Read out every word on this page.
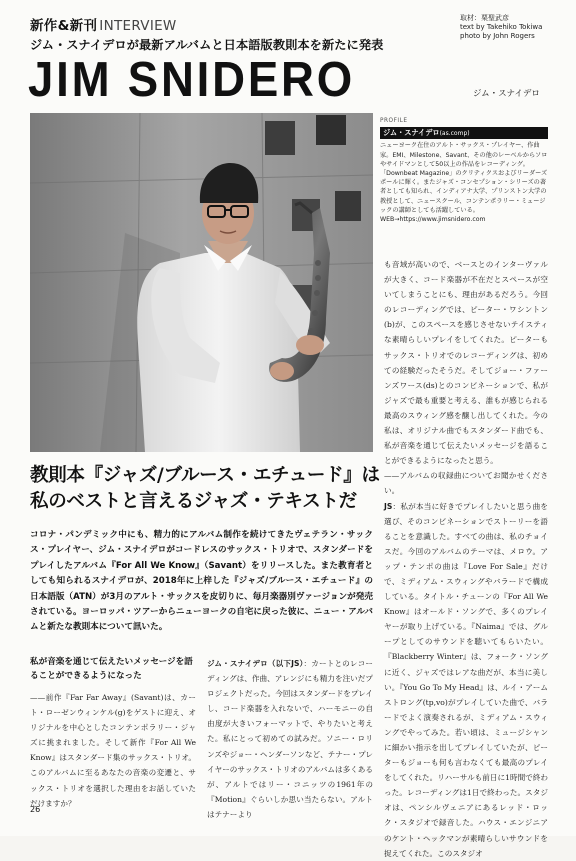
新作&新刊 INTERVIEW	取材：栗聖武彦
text by Takehiko Tokiwa
photo by John Rogers
ジム・スナイデロが最新アルバムと日本語版教則本を新たに発表
JIM SNIDERO	ジム・スナイデロ
PROFILE
ジム・スナイデロ(as.comp)
ニューヨーク在住のアルト・サックス・プレイヤー、作曲家。EMI、Milestone、Savant、その他のレーベルからソロやサイドマンとして50以上の作品をレコーディング。「Downbeat Magazine」のクリティクスおよびリーダーズポールに輝く。またジャズ・コンセプション・シリーズの著者としても知られ、インディアナ大学、プリンストン大学の教授として、ニュースクール、コンテンポラリー・ミュージックの講師としても活躍している。
WEB→https://www.jimsnidero.com
教則本『ジャズ/ブルース・エチュード』は
私のベストと言えるジャズ・テキストだ
コロナ・パンデミック中にも、精力的にアルバム制作を続けてきたヴェテラン・サックス・プレイヤー、ジム・スナイデロがコードレスのサックス・トリオで、スタンダードをプレイしたアルバム『For All We Know』（Savant）をリリースした。また教育者としても知られるスナイデロが、2018年に上梓した『ジャズ/ブルース・エチュード』の日本語版（ATN）が3月のアルト・サックスを皮切りに、毎月楽器別ヴァージョンが発売されている。ヨーロッパ・ツアーからニューヨークの自宅に戻った彼に、ニュー・アルバムと新たな教則本について訊いた。
私が音楽を通じて伝えたいメッセージを語ることができるようになった

——前作『Far Far Away』(Savant)は、カート・ローゼンウィンケル(g)をゲストに迎え、オリジナルを中心としたコンテンポラリー・ジャズに挑まれました。そして新作『For All We Know』はスタンダード集のサックス・トリオ。このアルバムに至るあなたの音楽の変遷と、サックス・トリオを選択した理由をお話していただけますか？

ジム・スナイデロ（以下JS）：カートとのレコーディングは、作曲、アレンジにも精力を注いだプロジェクトだった。今回はスタンダードをプレイし、コード楽器を入れないで、ハーモニーの自由度が大きいフォーマットで、やりたいと考えた。私にとって初めての試みだ。ソニー・ロリンズやジョー・ヘンダーソンなど、テナー・プレイヤーのサックス・トリオのアルバムは多くあるが、アルトではリー・コニッツの1961年の『Motion』ぐらいしか思い当たらない。アルトはテナーより

も音域が高いので、ベースとのインターヴァルが大きく、コード楽器が不在だとスペースが空いてしまうことにも、理由があるだろう。今回のレコーディングでは、ピーター・ワシントン(b)が、このスペースを感じさせないテイスティな素晴らしいプレイをしてくれた。ピーターもサックス・トリオでのレコーディングは、初めての経験だったそうだ。そしてジョー・ファーンズワース(ds)とのコンビネーションで、私がジャズで最も重要と考える、誰もが感じられる最高のスウィング感を醸し出してくれた。今の私は、オリジナル曲でもスタンダード曲でも、私が音楽を通じて伝えたいメッセージを語ることができるようになったと思う。

——アルバムの収録曲についてお聞かせください。

JS：私が本当に好きでプレイしたいと思う曲を選び、そのコンビネーションでストーリーを語ることを意識した。すべての曲は、私のチョイスだ。今回のアルバムのテーマは、メロウ。アップ・テンポの曲は『Love For Sale』だけで、ミディアム・スウィングやバラードで構成している。タイトル・チューンの『For All We Know』はオールド・ソングで、多くのプレイヤーが取り上げている。『Naima』では、グループとしてのサウンドを聴いてもらいたい。『Blackberry Winter』は、フォーク・ソングに近く、ジャズではレアな曲だが、本当に美しい。『You Go To My Head』は、ルイ・アームストロング(tp,vo)がプレイしていた曲で、バラードでよく演奏されるが、ミディアム・スウィングでやってみた。若い頃は、ミュージシャンに細かい指示を出してプレイしていたが、ピーターもジョーも何も言わなくても最高のプレイをしてくれた。リハーサルも前日に1時間で終わった。レコーディングは1日で終わった。スタジオは、ペンシルヴェニアにあるレッド・ロック・スタジオで録音した。ハウス・エンジニアのケント・ヘックマンが素晴らしいサウンドを捉えてくれた。このスタジオ

26
